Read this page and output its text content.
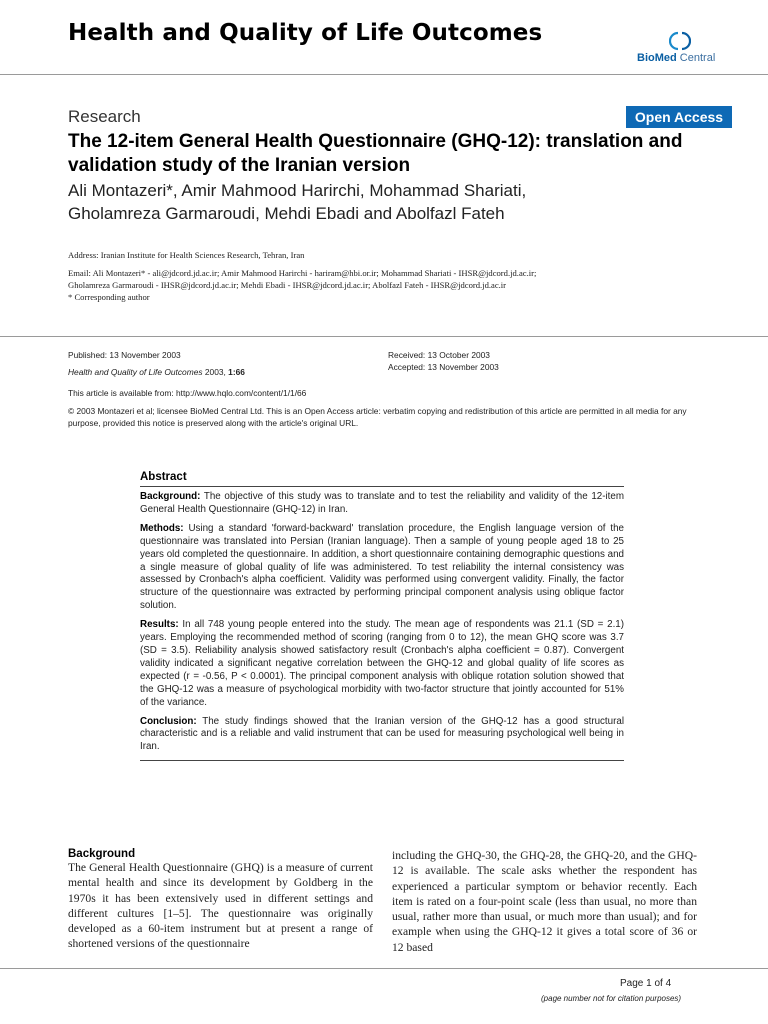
Health and Quality of Life Outcomes
BioMed Central
Research	Open Access
The 12-item General Health Questionnaire (GHQ-12): translation and validation study of the Iranian version
Ali Montazeri*, Amir Mahmood Harirchi, Mohammad Shariati,
Gholamreza Garmaroudi, Mehdi Ebadi and Abolfazl Fateh
Address: Iranian Institute for Health Sciences Research, Tehran, Iran
Email: Ali Montazeri* - ali@jdcord.jd.ac.ir; Amir Mahmood Harirchi - hariram@hbi.or.ir; Mohammad Shariati - IHSR@jdcord.jd.ac.ir;
Gholamreza Garmaroudi - IHSR@jdcord.jd.ac.ir; Mehdi Ebadi - IHSR@jdcord.jd.ac.ir; Abolfazl Fateh - IHSR@jdcord.jd.ac.ir
* Corresponding author
Published: 13 November 2003
Health and Quality of Life Outcomes 2003, 1:66
Received: 13 October 2003
Accepted: 13 November 2003
This article is available from: http://www.hqlo.com/content/1/1/66
© 2003 Montazeri et al; licensee BioMed Central Ltd. This is an Open Access article: verbatim copying and redistribution of this article are permitted in all media for any purpose, provided this notice is preserved along with the article's original URL.
Abstract

Background: The objective of this study was to translate and to test the reliability and validity of the 12-item General Health Questionnaire (GHQ-12) in Iran.

Methods: Using a standard 'forward-backward' translation procedure, the English language version of the questionnaire was translated into Persian (Iranian language). Then a sample of young people aged 18 to 25 years old completed the questionnaire. In addition, a short questionnaire containing demographic questions and a single measure of global quality of life was administered. To test reliability the internal consistency was assessed by Cronbach's alpha coefficient. Validity was performed using convergent validity. Finally, the factor structure of the questionnaire was extracted by performing principal component analysis using oblique factor solution.

Results: In all 748 young people entered into the study. The mean age of respondents was 21.1 (SD = 2.1) years. Employing the recommended method of scoring (ranging from 0 to 12), the mean GHQ score was 3.7 (SD = 3.5). Reliability analysis showed satisfactory result (Cronbach's alpha coefficient = 0.87). Convergent validity indicated a significant negative correlation between the GHQ-12 and global quality of life scores as expected (r = -0.56, P < 0.0001). The principal component analysis with oblique rotation solution showed that the GHQ-12 was a measure of psychological morbidity with two-factor structure that jointly accounted for 51% of the variance.

Conclusion: The study findings showed that the Iranian version of the GHQ-12 has a good structural characteristic and is a reliable and valid instrument that can be used for measuring psychological well being in Iran.

Background
The General Health Questionnaire (GHQ) is a measure of current mental health and since its development by Goldberg in the 1970s it has been extensively used in different settings and different cultures [1–5]. The questionnaire was originally developed as a 60-item instrument but at present a range of shortened versions of the questionnaire
including the GHQ-30, the GHQ-28, the GHQ-20, and the GHQ-12 is available. The scale asks whether the respondent has experienced a particular symptom or behavior recently. Each item is rated on a four-point scale (less than usual, no more than usual, rather more than usual, or much more than usual); and for example when using the GHQ-12 it gives a total score of 36 or 12 based
Page 1 of 4
(page number not for citation purposes)
